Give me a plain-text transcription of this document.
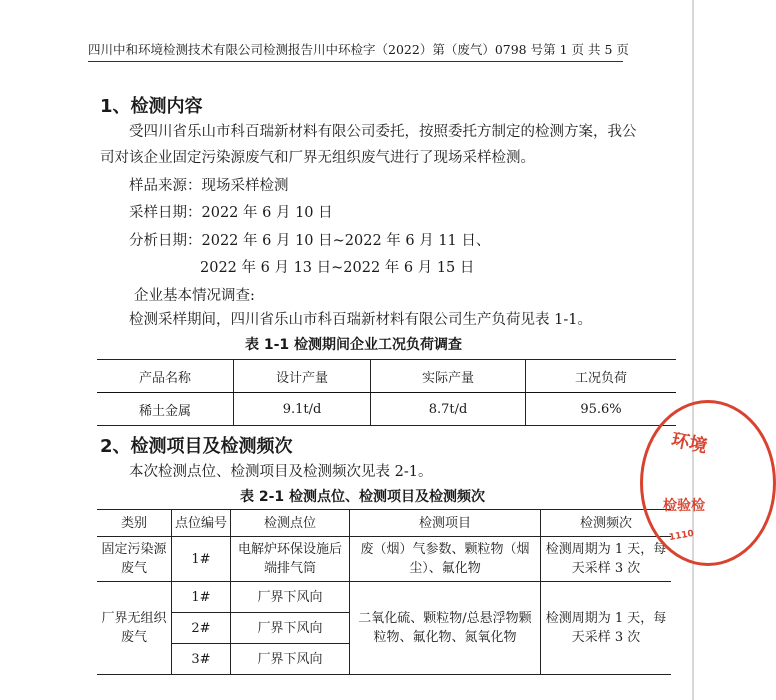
四川中和环境检测技术有限公司检测报告 川中环检字（2022）第（废气）0798 号 第 1 页 共 5 页
1、检测内容
受四川省乐山市科百瑞新材料有限公司委托，按照委托方制定的检测方案，我公
司对该企业固定污染源废气和厂界无组织废气进行了现场采样检测。
样品来源：现场采样检测
采样日期：2022 年 6 月 10 日
分析日期：2022 年 6 月 10 日~2022 年 6 月 11 日、
2022 年 6 月 13 日~2022 年 6 月 15 日
企业基本情况调查:
检测采样期间，四川省乐山市科百瑞新材料有限公司生产负荷见表 1-1。
表 1-1 检测期间企业工况负荷调查
产品名称	设计产量	实际产量	工况负荷
稀土金属	9.1t/d	8.7t/d	95.6%
2、检测项目及检测频次
本次检测点位、检测项目及检测频次见表 2-1。
表 2-1 检测点位、检测项目及检测频次
类别	点位编号	检测点位	检测项目	检测频次
固定污染源废气	1#	电解炉环保设施后端排气筒	废（烟）气参数、颗粒物（烟尘）、氟化物	检测周期为 1 天，每天采样 3 次
厂界无组织废气	1#	厂界下风向	二氧化硫、颗粒物/总悬浮物颗粒物、氟化物、氮氧化物	检测周期为 1 天，每天采样 3 次
	2#	厂界下风向		
	3#	厂界下风向		
环境
检验检
1110
